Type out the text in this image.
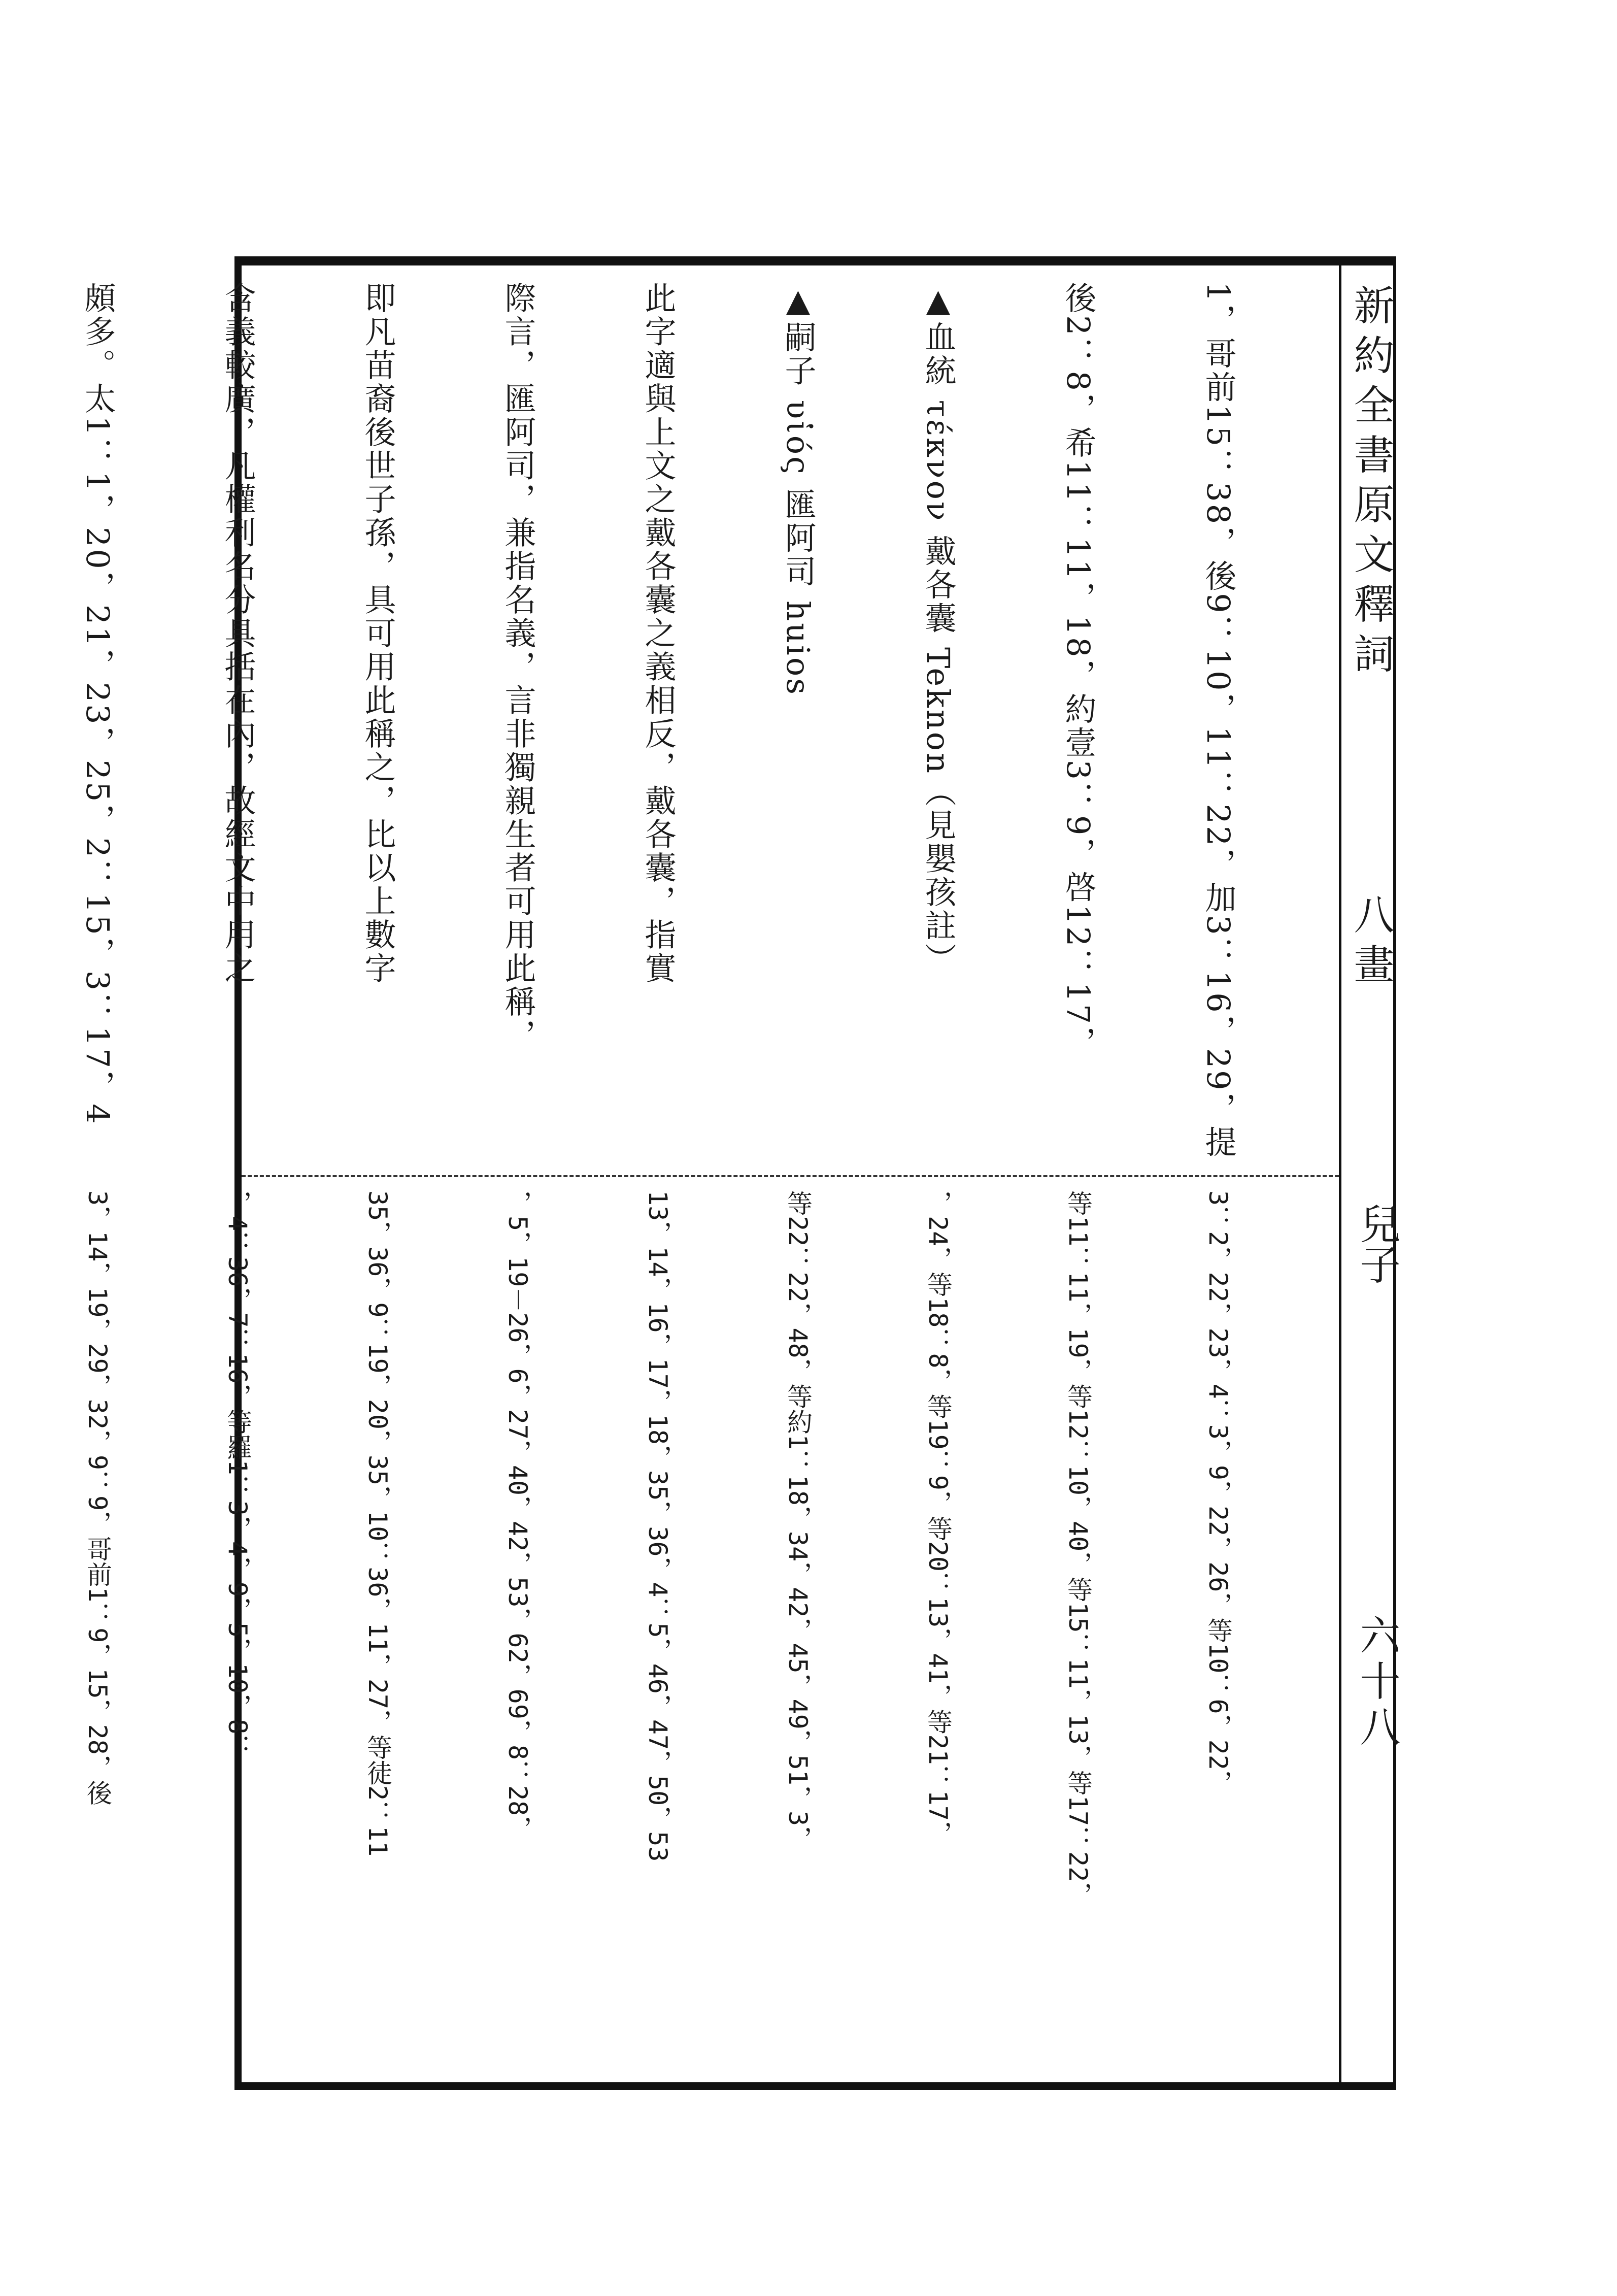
新約全書原文釋詞
八畫
兒子
六十八

1，哥前15：38，後9：10，11：22，加3：16，29，提

後2：8，希11：11，18，約壹3：9，啓12：17，

▲血統 τέκνον 戴各囊 Teknon（見嬰孩註）

▲嗣子 υἱός 匯阿司 huios

此字適與上文之戴各囊之義相反，戴各囊，指實

際言，匯阿司，兼指名義，言非獨親生者可用此稱，

即凡苗裔後世子孫，具可用此稱之，比以上數字

含義較廣，凡權利名分具括在內，故經文中用之

頗多。太1：1，20，21，23，25，2：15，3：17，4

3：2，22，23，4：3，9，22，26，等10：6，22，

等11：11，19，等12：10，40，等15：11，13，等17：22，

，24，等18：8，等19：9，等20：13，41，等21：17，

等22：22，48，等約1：18，34，42，45，49，51，3，

13，14，16，17，18，35，36，4：5，46，47，50，53

，5，19－26，6，27，40，42，53，62，69，8：28，

35，36，9：19，20，35，10：36，11，27，等徒2：11

，4：36，7：16，等羅1：3，4，9，5，10，8：

3，14，19，29，32，9：9，哥前1：9，15，28，後
